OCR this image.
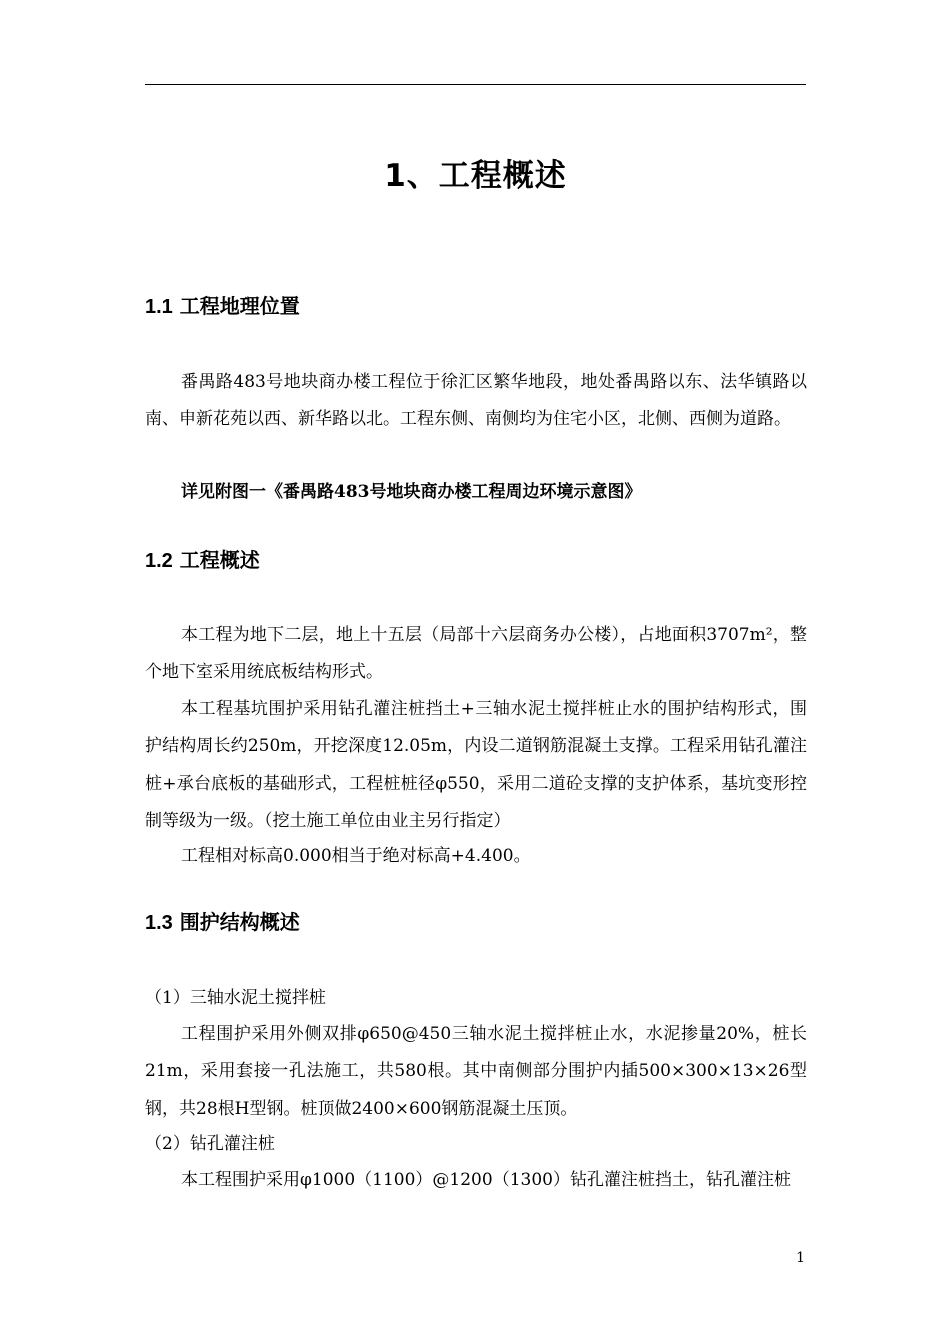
1、工程概述
1.1 工程地理位置

番禺路483号地块商办楼工程位于徐汇区繁华地段，地处番禺路以东、法华镇路以南、申新花苑以西、新华路以北。工程东侧、南侧均为住宅小区，北侧、西侧为道路。

详见附图一《番禺路483号地块商办楼工程周边环境示意图》

1.2 工程概述

本工程为地下二层，地上十五层（局部十六层商务办公楼），占地面积3707m²，整个地下室采用统底板结构形式。

本工程基坑围护采用钻孔灌注桩挡土+三轴水泥土搅拌桩止水的围护结构形式，围护结构周长约250m，开挖深度12.05m，内设二道钢筋混凝土支撑。工程采用钻孔灌注桩+承台底板的基础形式，工程桩桩径φ550，采用二道砼支撑的支护体系，基坑变形控制等级为一级。（挖土施工单位由业主另行指定）

工程相对标高0.000相当于绝对标高+4.400。

1.3 围护结构概述

（1）三轴水泥土搅拌桩

工程围护采用外侧双排φ650@450三轴水泥土搅拌桩止水，水泥掺量20%，桩长21m，采用套接一孔法施工，共580根。其中南侧部分围护内插500×300×13×26型钢，共28根H型钢。桩顶做2400×600钢筋混凝土压顶。

（2）钻孔灌注桩

本工程围护采用φ1000（1100）@1200（1300）钻孔灌注桩挡土，钻孔灌注桩

1
